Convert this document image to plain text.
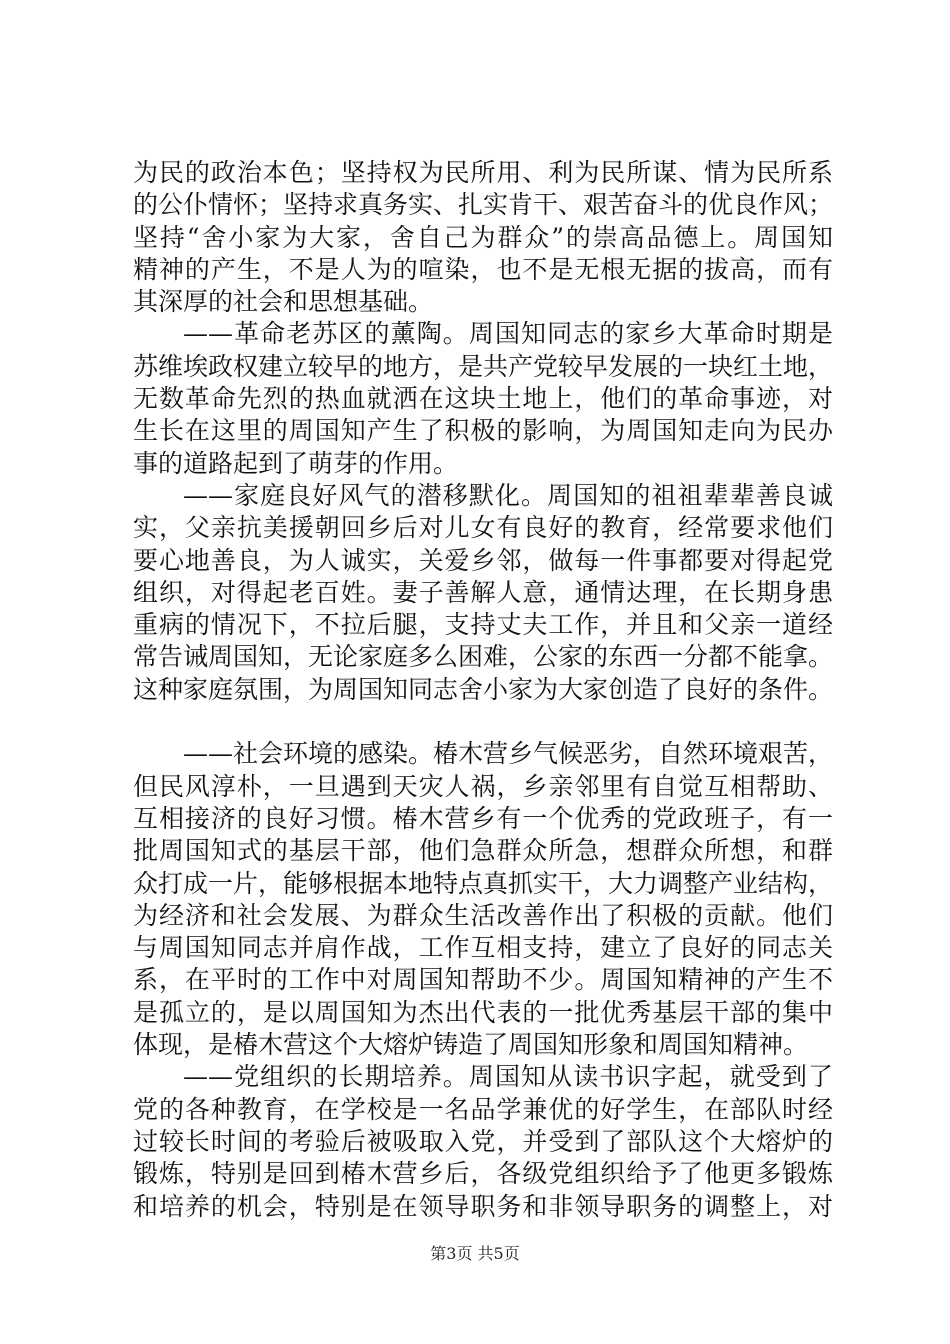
为民的政治本色；坚持权为民所用、利为民所谋、情为民所系
的公仆情怀；坚持求真务实、扎实肯干、艰苦奋斗的优良作风；
坚持“舍小家为大家，舍自己为群众”的崇高品德上。周国知
精神的产生，不是人为的喧染，也不是无根无据的拔高，而有
其深厚的社会和思想基础。
——革命老苏区的薰陶。周国知同志的家乡大革命时期是
苏维埃政权建立较早的地方，是共产党较早发展的一块红土地，
无数革命先烈的热血就洒在这块土地上，他们的革命事迹，对
生长在这里的周国知产生了积极的影响，为周国知走向为民办
事的道路起到了萌芽的作用。
——家庭良好风气的潜移默化。周国知的祖祖辈辈善良诚
实，父亲抗美援朝回乡后对儿女有良好的教育，经常要求他们
要心地善良，为人诚实，关爱乡邻，做每一件事都要对得起党
组织，对得起老百姓。妻子善解人意，通情达理，在长期身患
重病的情况下，不拉后腿，支持丈夫工作，并且和父亲一道经
常告诫周国知，无论家庭多么困难，公家的东西一分都不能拿。
这种家庭氛围，为周国知同志舍小家为大家创造了良好的条件。
——社会环境的感染。椿木营乡气候恶劣，自然环境艰苦，
但民风淳朴，一旦遇到天灾人祸，乡亲邻里有自觉互相帮助、
互相接济的良好习惯。椿木营乡有一个优秀的党政班子，有一
批周国知式的基层干部，他们急群众所急，想群众所想，和群
众打成一片，能够根据本地特点真抓实干，大力调整产业结构，
为经济和社会发展、为群众生活改善作出了积极的贡献。他们
与周国知同志并肩作战，工作互相支持，建立了良好的同志关
系，在平时的工作中对周国知帮助不少。周国知精神的产生不
是孤立的，是以周国知为杰出代表的一批优秀基层干部的集中
体现，是椿木营这个大熔炉铸造了周国知形象和周国知精神。
——党组织的长期培养。周国知从读书识字起，就受到了
党的各种教育，在学校是一名品学兼优的好学生，在部队时经
过较长时间的考验后被吸取入党，并受到了部队这个大熔炉的
锻炼，特别是回到椿木营乡后，各级党组织给予了他更多锻炼
和培养的机会，特别是在领导职务和非领导职务的调整上，对
第3页 共5页
